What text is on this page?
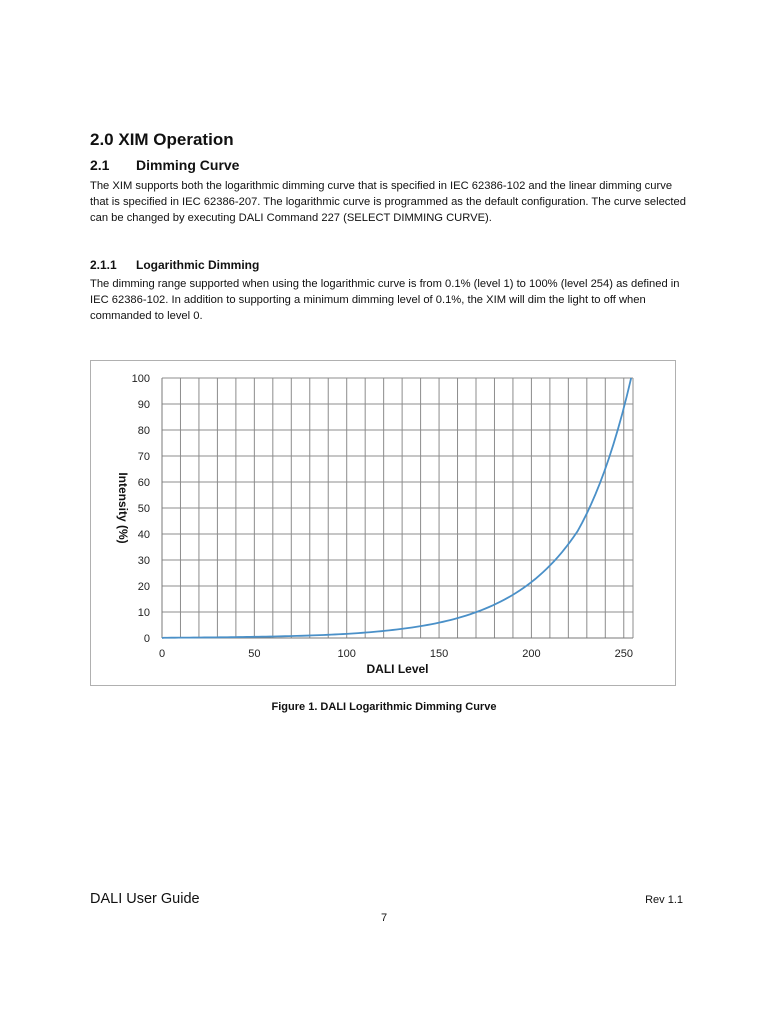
2.0 XIM Operation
2.1 Dimming Curve

The XIM supports both the logarithmic dimming curve that is specified in IEC 62386-102 and the linear dimming curve that is specified in IEC 62386-207. The logarithmic curve is programmed as the default configuration. The curve selected can be changed by executing DALI Command 227 (SELECT DIMMING CURVE).

2.1.1 Logarithmic Dimming

The dimming range supported when using the logarithmic curve is from 0.1% (level 1) to 100% (level 254) as defined in IEC 62386-102. In addition to supporting a minimum dimming level of 0.1%, the XIM will dim the light to off when commanded to level 0.

0
10
20
30
40
50
60
70
80
90
100
0	50	100	150	200	250
DALI Level
Intensity (%)

Figure 1. DALI Logarithmic Dimming Curve

DALI User Guide	Rev 1.1
7
